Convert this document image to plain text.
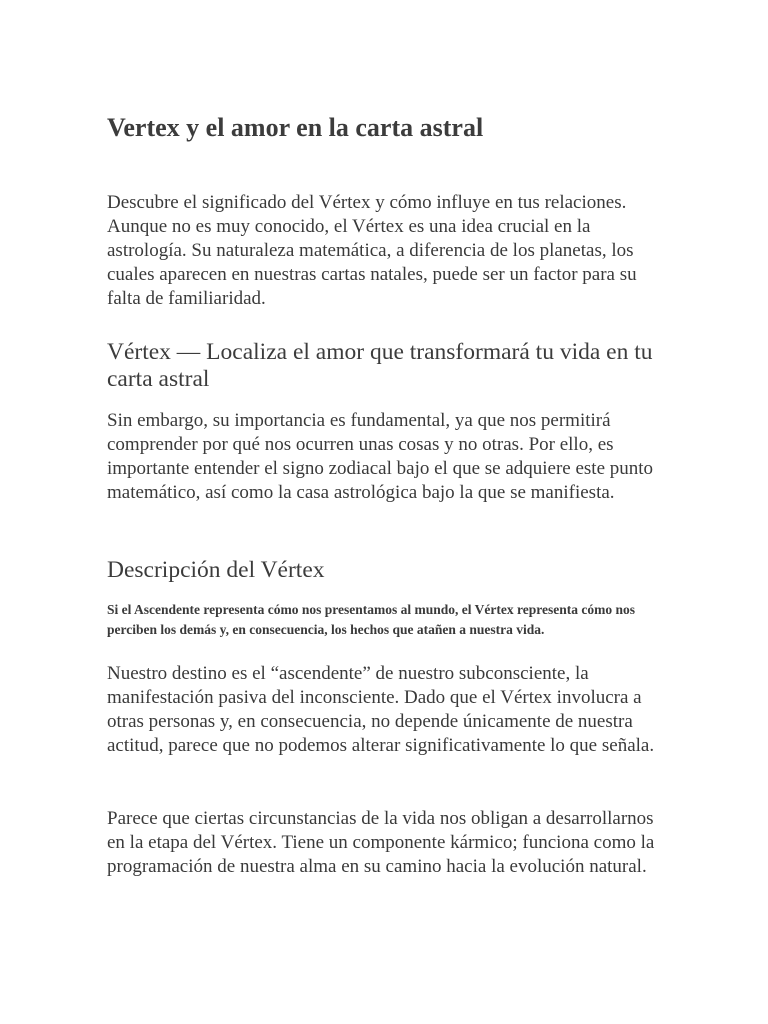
Vertex y el amor en la carta astral

Descubre el significado del Vértex y cómo influye en tus relaciones. Aunque no es muy conocido, el Vértex es una idea crucial en la astrología. Su naturaleza matemática, a diferencia de los planetas, los cuales aparecen en nuestras cartas natales, puede ser un factor para su falta de familiaridad.

Vértex — Localiza el amor que transformará tu vida en tu carta astral

Sin embargo, su importancia es fundamental, ya que nos permitirá comprender por qué nos ocurren unas cosas y no otras. Por ello, es importante entender el signo zodiacal bajo el que se adquiere este punto matemático, así como la casa astrológica bajo la que se manifiesta.

Descripción del Vértex

Si el Ascendente representa cómo nos presentamos al mundo, el Vértex representa cómo nos perciben los demás y, en consecuencia, los hechos que atañen a nuestra vida.

Nuestro destino es el “ascendente” de nuestro subconsciente, la manifestación pasiva del inconsciente. Dado que el Vértex involucra a otras personas y, en consecuencia, no depende únicamente de nuestra actitud, parece que no podemos alterar significativamente lo que señala.

Parece que ciertas circunstancias de la vida nos obligan a desarrollarnos en la etapa del Vértex. Tiene un componente kármico; funciona como la programación de nuestra alma en su camino hacia la evolución natural.
